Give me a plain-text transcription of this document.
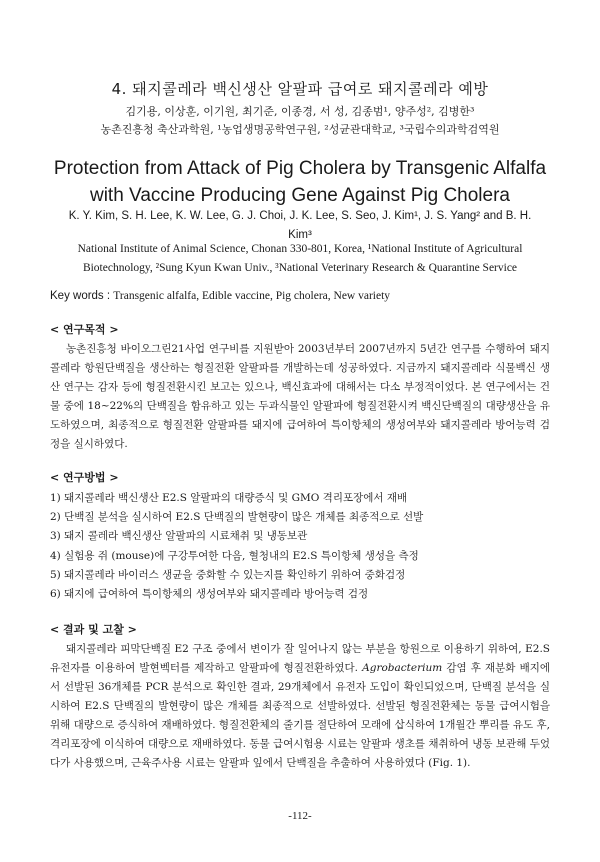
4. 돼지콜레라 백신생산 알팔파 급여로 돼지콜레라 예방
김기용, 이상훈, 이기원, 최기준, 이종경, 서 성, 김종범¹, 양주성², 김병한³
농촌진흥청 축산과학원, ¹농업생명공학연구원, ²성균관대학교, ³국립수의과학검역원
Protection from Attack of Pig Cholera by Transgenic Alfalfa with Vaccine Producing Gene Against Pig Cholera
K. Y. Kim, S. H. Lee, K. W. Lee, G. J. Choi, J. K. Lee, S. Seo, J. Kim¹, J. S. Yang² and B. H. Kim³
National Institute of Animal Science, Chonan 330-801, Korea, ¹National Institute of Agricultural Biotechnology, ²Sung Kyun Kwan Univ., ³National Veterinary Research & Quarantine Service
Key words : Transgenic alfalfa, Edible vaccine, Pig cholera, New variety
< 연구목적 >
농촌진흥청 바이오그린21사업 연구비를 지원받아 2003년부터 2007년까지 5년간 연구를 수행하여 돼지콜레라 항원단백질을 생산하는 형질전환 알팔파를 개발하는데 성공하였다. 지금까지 돼지콜레라 식물백신 생산 연구는 감자 등에 형질전환시킨 보고는 있으나, 백신효과에 대해서는 다소 부정적이었다. 본 연구에서는 건물 중에 18~22%의 단백질을 함유하고 있는 두과식물인 알팔파에 형질전환시켜 백신단백질의 대량생산을 유도하였으며, 최종적으로 형질전환 알팔파를 돼지에 급여하여 특이항체의 생성여부와 돼지콜레라 방어능력 검정을 실시하였다.
< 연구방법 >
1) 돼지콜레라 백신생산 E2.S 알팔파의 대량증식 및 GMO 격리포장에서 재배
2) 단백질 분석을 실시하여 E2.S 단백질의 발현량이 많은 개체를 최종적으로 선발
3) 돼지 콜레라 백신생산 알팔파의 시료채취 및 냉동보관
4) 실험용 쥐 (mouse)에 구강투여한 다음, 혈청내의 E2.S 특이항체 생성을 측정
5) 돼지콜레라 바이러스 생균을 중화할 수 있는지를 확인하기 위하여 중화검정
6) 돼지에 급여하여 특이항체의 생성여부와 돼지콜레라 방어능력 검정
< 결과 및 고찰 >
돼지콜레라 피막단백질 E2 구조 중에서 변이가 잘 일어나지 않는 부분을 항원으로 이용하기 위하여, E2.S 유전자를 이용하여 발현벡터를 제작하고 알팔파에 형질전환하였다. Agrobacterium 감염 후 재분화 배지에서 선발된 36개체를 PCR 분석으로 확인한 결과, 29개체에서 유전자 도입이 확인되었으며, 단백질 분석을 실시하여 E2.S 단백질의 발현량이 많은 개체를 최종적으로 선발하였다. 선발된 형질전환체는 동물 급여시험을 위해 대량으로 증식하여 재배하였다. 형질전환체의 줄기를 절단하여 모래에 삽식하여 1개월간 뿌리를 유도 후, 격리포장에 이식하여 대량으로 재배하였다. 동물 급여시험용 시료는 알팔파 생초를 채취하여 냉동 보관해 두었다가 사용했으며, 근육주사용 시료는 알팔파 잎에서 단백질을 추출하여 사용하였다 (Fig. 1).
-112-
